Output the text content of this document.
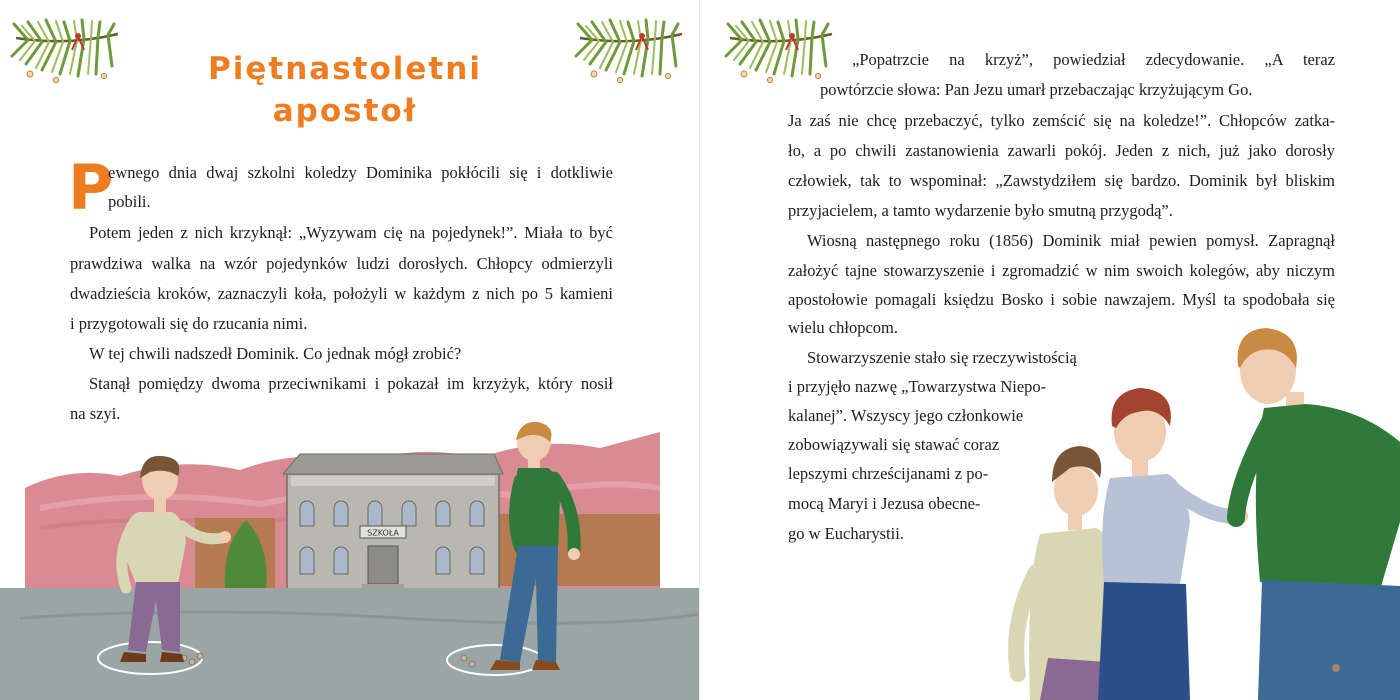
Piętnastoletni
apostoł
P
ewnego dnia dwaj szkolni koledzy Dominika pokłócili się i dotkliwie
pobili.
Potem jeden z nich krzyknął: „Wyzywam cię na pojedynek!”. Miała to być
prawdziwa walka na wzór pojedynków ludzi dorosłych. Chłopcy odmierzyli
dwadzieścia kroków, zaznaczyli koła, położyli w każdym z nich po 5 kamieni
i przygotowali się do rzucania nimi.
W tej chwili nadszedł Dominik. Co jednak mógł zrobić?
Stanął pomiędzy dwoma przeciwnikami i pokazał im krzyżyk, który nosił
na szyi.
SZKOŁA
„Popatrzcie na krzyż”, powiedział zdecydowanie. „A teraz
powtórzcie słowa: Pan Jezu umarł przebaczając krzyżującym Go.
Ja zaś nie chcę przebaczyć, tylko zemścić się na koledze!”. Chłopców zatka-
ło, a po chwili zastanowienia zawarli pokój. Jeden z nich, już jako dorosły
człowiek, tak to wspominał: „Zawstydziłem się bardzo. Dominik był bliskim
przyjacielem, a tamto wydarzenie było smutną przygodą”.
Wiosną następnego roku (1856) Dominik miał pewien pomysł. Zapragnął
założyć tajne stowarzyszenie i zgromadzić w nim swoich kolegów, aby niczym
apostołowie pomagali księdzu Bosko i sobie nawzajem. Myśl ta spodobała się
wielu chłopcom.
Stowarzyszenie stało się rzeczywistością
i przyjęło nazwę „Towarzystwa Niepo-
kalanej”. Wszyscy jego członkowie
zobowiązywali się stawać coraz
lepszymi chrześcijanami z po-
mocą Maryi i Jezusa obecne-
go w Eucharystii.
